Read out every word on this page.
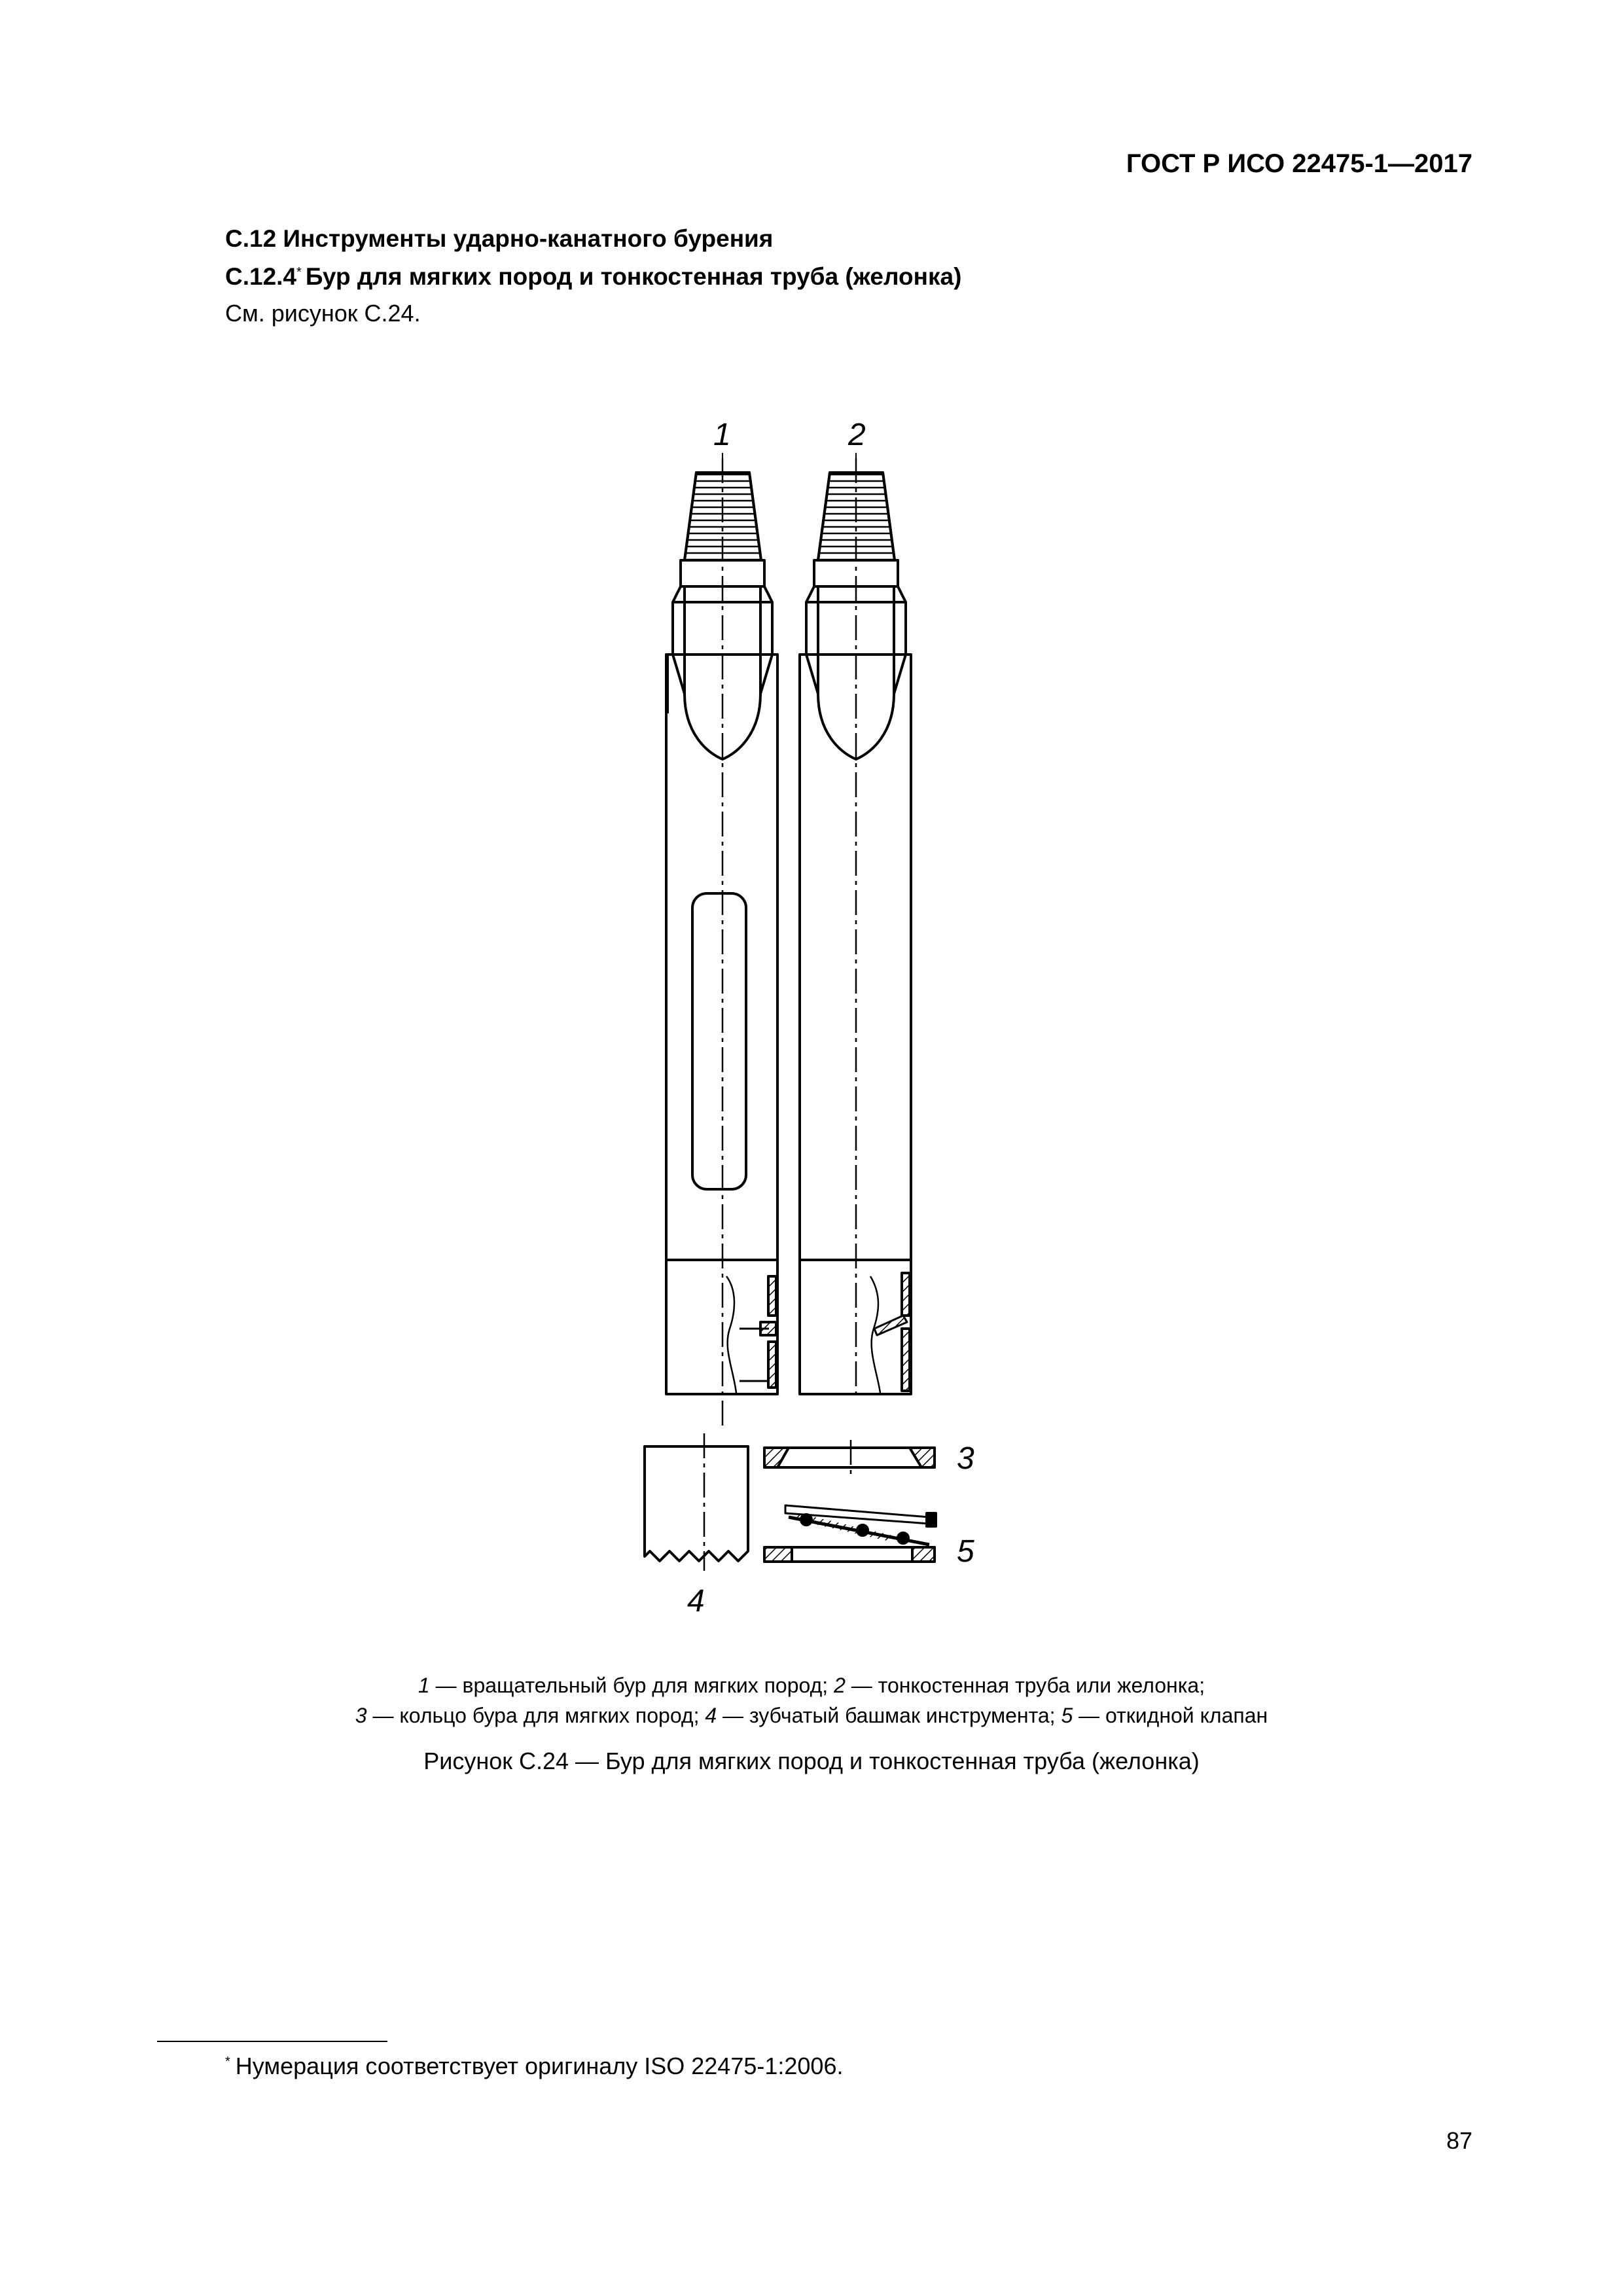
ГОСТ Р ИСО 22475-1—2017
С.12 Инструменты ударно-канатного бурения
С.12.4* Бур для мягких пород и тонкостенная труба (желонка)
См. рисунок С.24.
1	2
3
4
5
1 — вращательный бур для мягких пород; 2 — тонкостенная труба или желонка;
3 — кольцо бура для мягких пород; 4 — зубчатый башмак инструмента; 5 — откидной клапан
Рисунок С.24 — Бур для мягких пород и тонкостенная труба (желонка)
* Нумерация соответствует оригиналу ISO 22475-1:2006.
87
